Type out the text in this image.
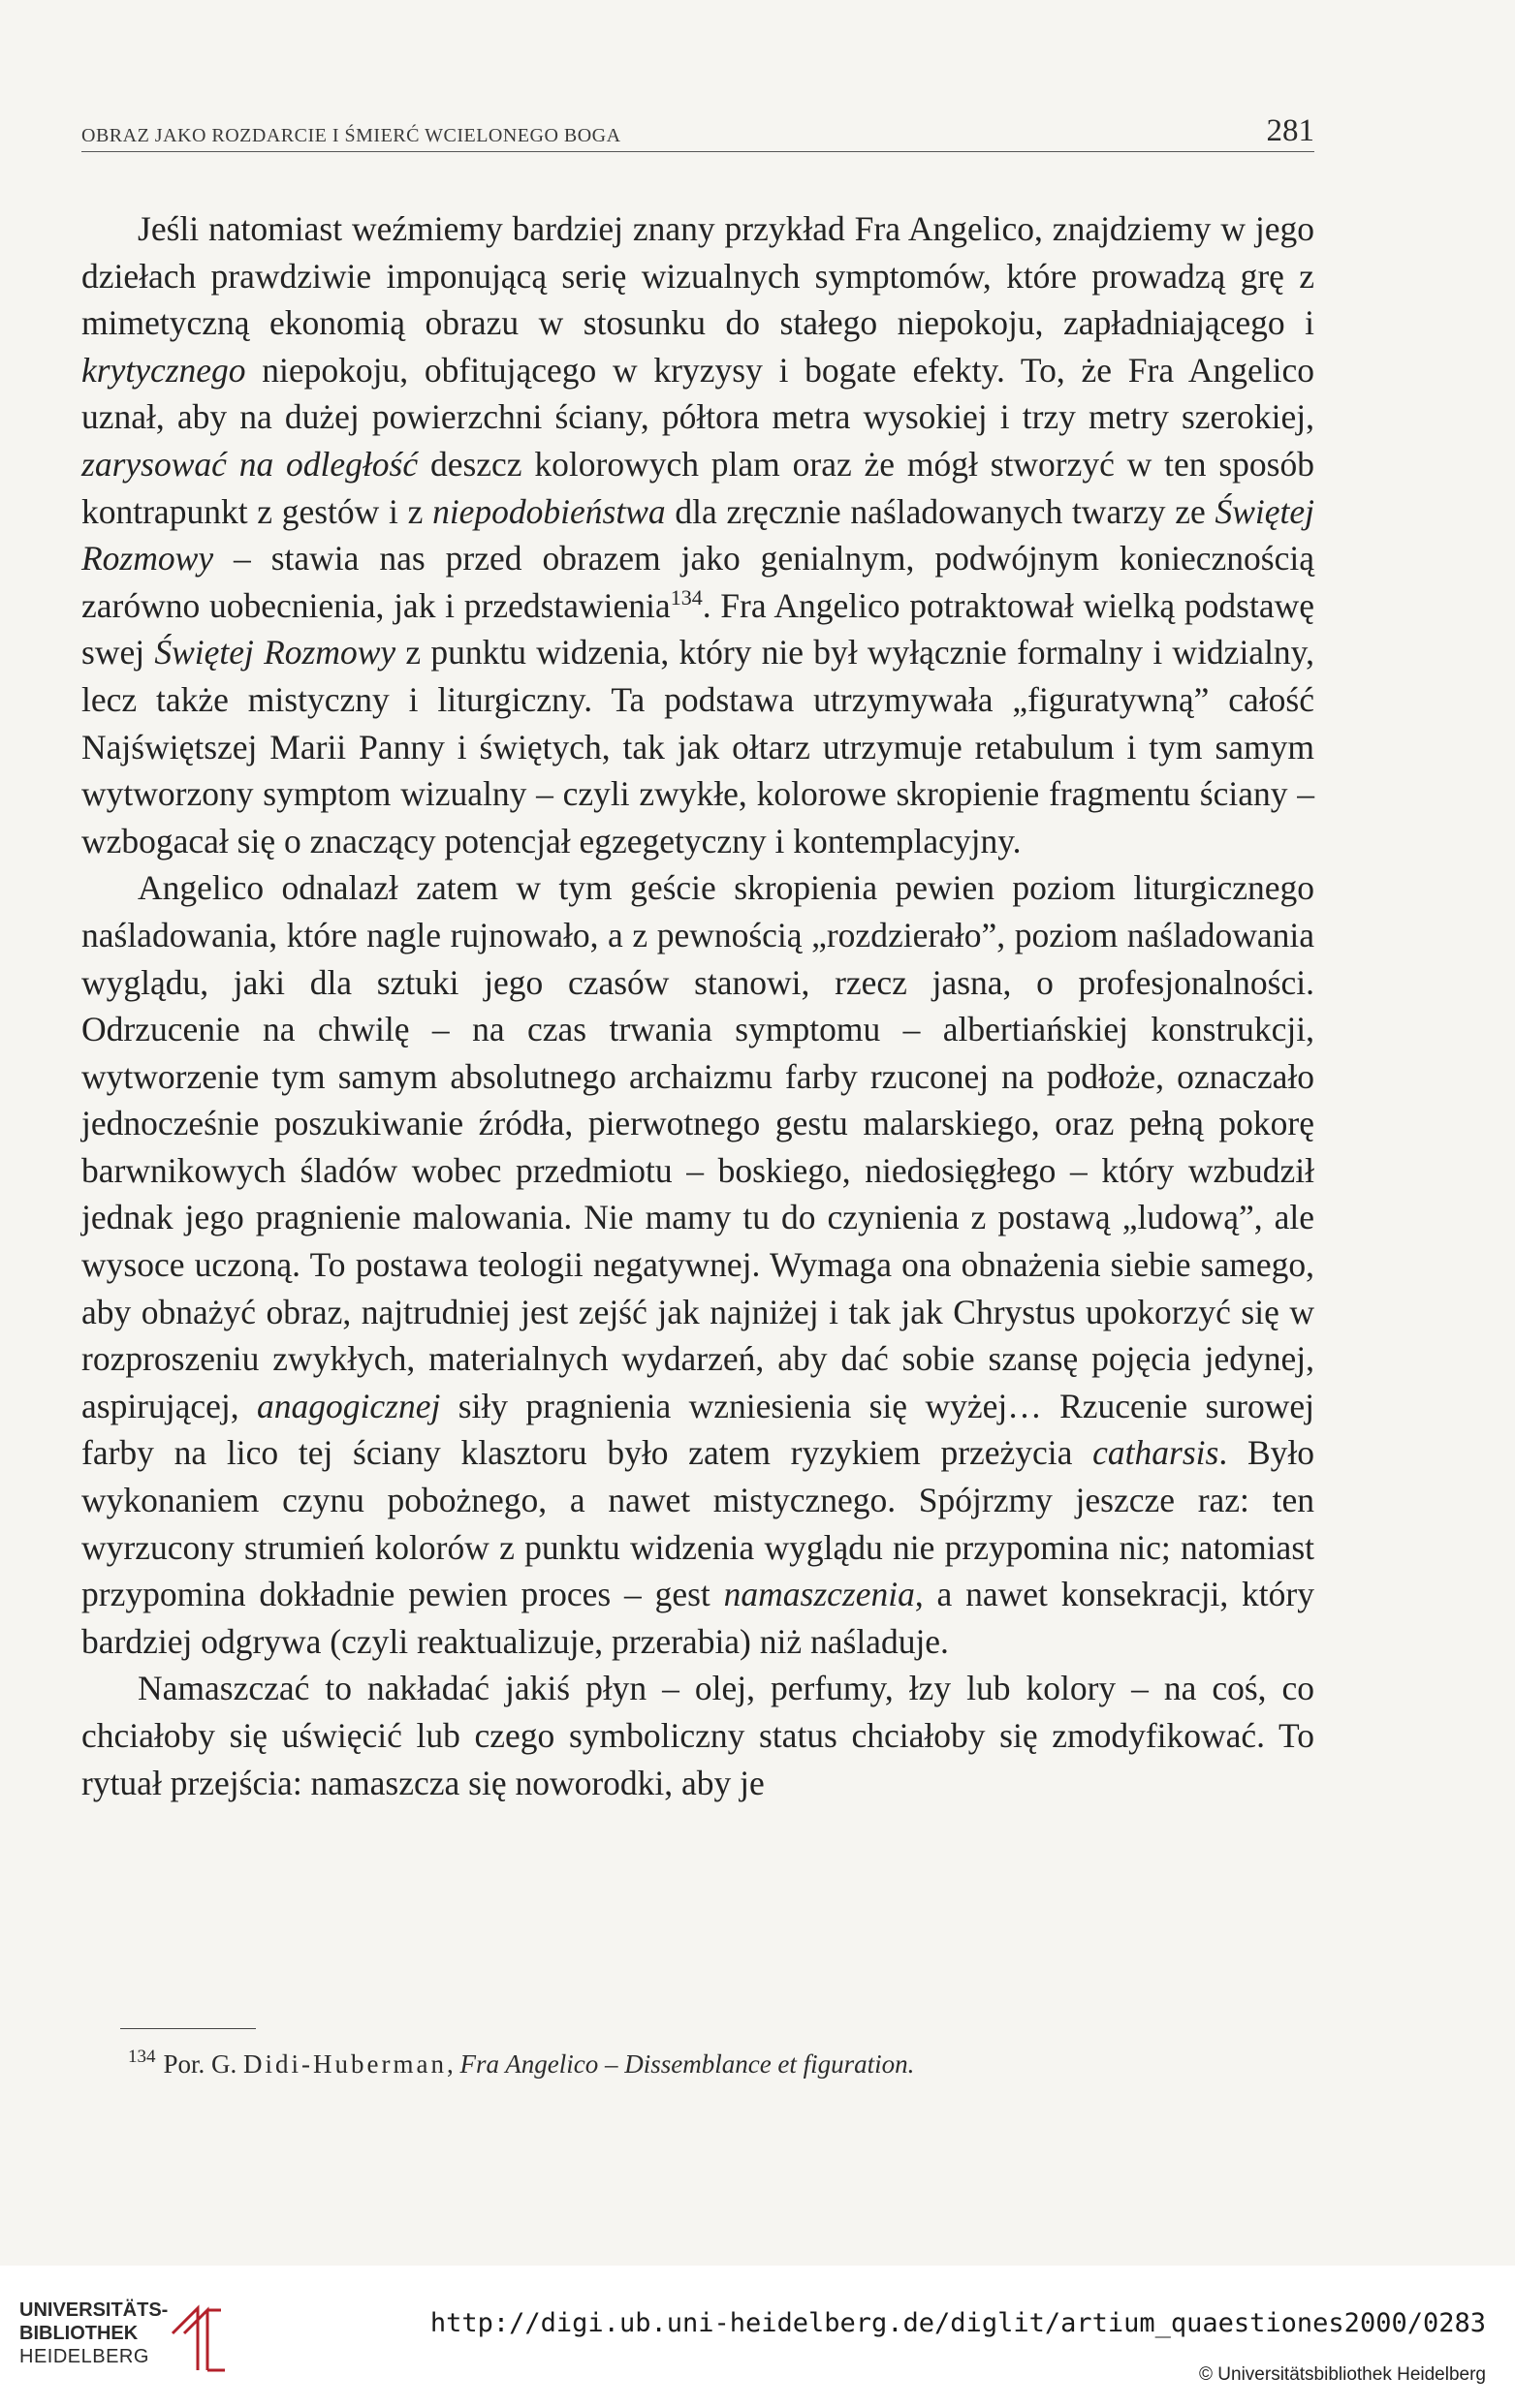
OBRAZ JAKO ROZDARCIE I ŚMIERĆ WCIELONEGO BOGA	281

Jeśli natomiast weźmiemy bardziej znany przykład Fra Angelico, znajdziemy w jego dziełach prawdziwie imponującą serię wizualnych symptomów, które prowadzą grę z mimetyczną ekonomią obrazu w stosunku do stałego niepokoju, zapładniającego i krytycznego niepokoju, obfitującego w kryzysy i bogate efekty. To, że Fra Angelico uznał, aby na dużej powierzchni ściany, półtora metra wysokiej i trzy metry szerokiej, zarysować na odległość deszcz kolorowych plam oraz że mógł stworzyć w ten sposób kontrapunkt z gestów i z niepodobieństwa dla zręcznie naśladowanych twarzy ze Świętej Rozmowy – stawia nas przed obrazem jako genialnym, podwójnym koniecznością zarówno uobecnienia, jak i przedstawienia$^{134}$. Fra Angelico potraktował wielką podstawę swej Świętej Rozmowy z punktu widzenia, który nie był wyłącznie formalny i widzialny, lecz także mistyczny i liturgiczny. Ta podstawa utrzymywała „figuratywną” całość Najświętszej Marii Panny i świętych, tak jak ołtarz utrzymuje retabulum i tym samym wytworzony symptom wizualny – czyli zwykłe, kolorowe skropienie fragmentu ściany – wzbogacał się o znaczący potencjał egzegetyczny i kontemplacyjny.

Angelico odnalazł zatem w tym geście skropienia pewien poziom liturgicznego naśladowania, które nagle rujnowało, a z pewnością „rozdzierało”, poziom naśladowania wyglądu, jaki dla sztuki jego czasów stanowi, rzecz jasna, o profesjonalności. Odrzucenie na chwilę – na czas trwania symptomu – albertiańskiej konstrukcji, wytworzenie tym samym absolutnego archaizmu farby rzuconej na podłoże, oznaczało jednocześnie poszukiwanie źródła, pierwotnego gestu malarskiego, oraz pełną pokorę barwnikowych śladów wobec przedmiotu – boskiego, niedosięgłego – który wzbudził jednak jego pragnienie malowania. Nie mamy tu do czynienia z postawą „ludową”, ale wysoce uczoną. To postawa teologii negatywnej. Wymaga ona obnażenia siebie samego, aby obnażyć obraz, najtrudniej jest zejść jak najniżej i tak jak Chrystus upokorzyć się w rozproszeniu zwykłych, materialnych wydarzeń, aby dać sobie szansę pojęcia jedynej, aspirującej, anagogicznej siły pragnienia wzniesienia się wyżej… Rzucenie surowej farby na lico tej ściany klasztoru było zatem ryzykiem przeżycia catharsis. Było wykonaniem czynu pobożnego, a nawet mistycznego. Spójrzmy jeszcze raz: ten wyrzucony strumień kolorów z punktu widzenia wyglądu nie przypomina nic; natomiast przypomina dokładnie pewien proces – gest namaszczenia, a nawet konsekracji, który bardziej odgrywa (czyli reaktualizuje, przerabia) niż naśladuje.

Namaszczać to nakładać jakiś płyn – olej, perfumy, łzy lub kolory – na coś, co chciałoby się uświęcić lub czego symboliczny status chciałoby się zmodyfikować. To rytuał przejścia: namaszcza się noworodki, aby je

$^{134}$ Por. G. Didi-Huberman, Fra Angelico – Dissemblance et figuration.
UNIVERSITÄTS-
BIBLIOTHEK
HEIDELBERG
http://digi.ub.uni-heidelberg.de/diglit/artium_quaestiones2000/0283
© Universitätsbibliothek Heidelberg
